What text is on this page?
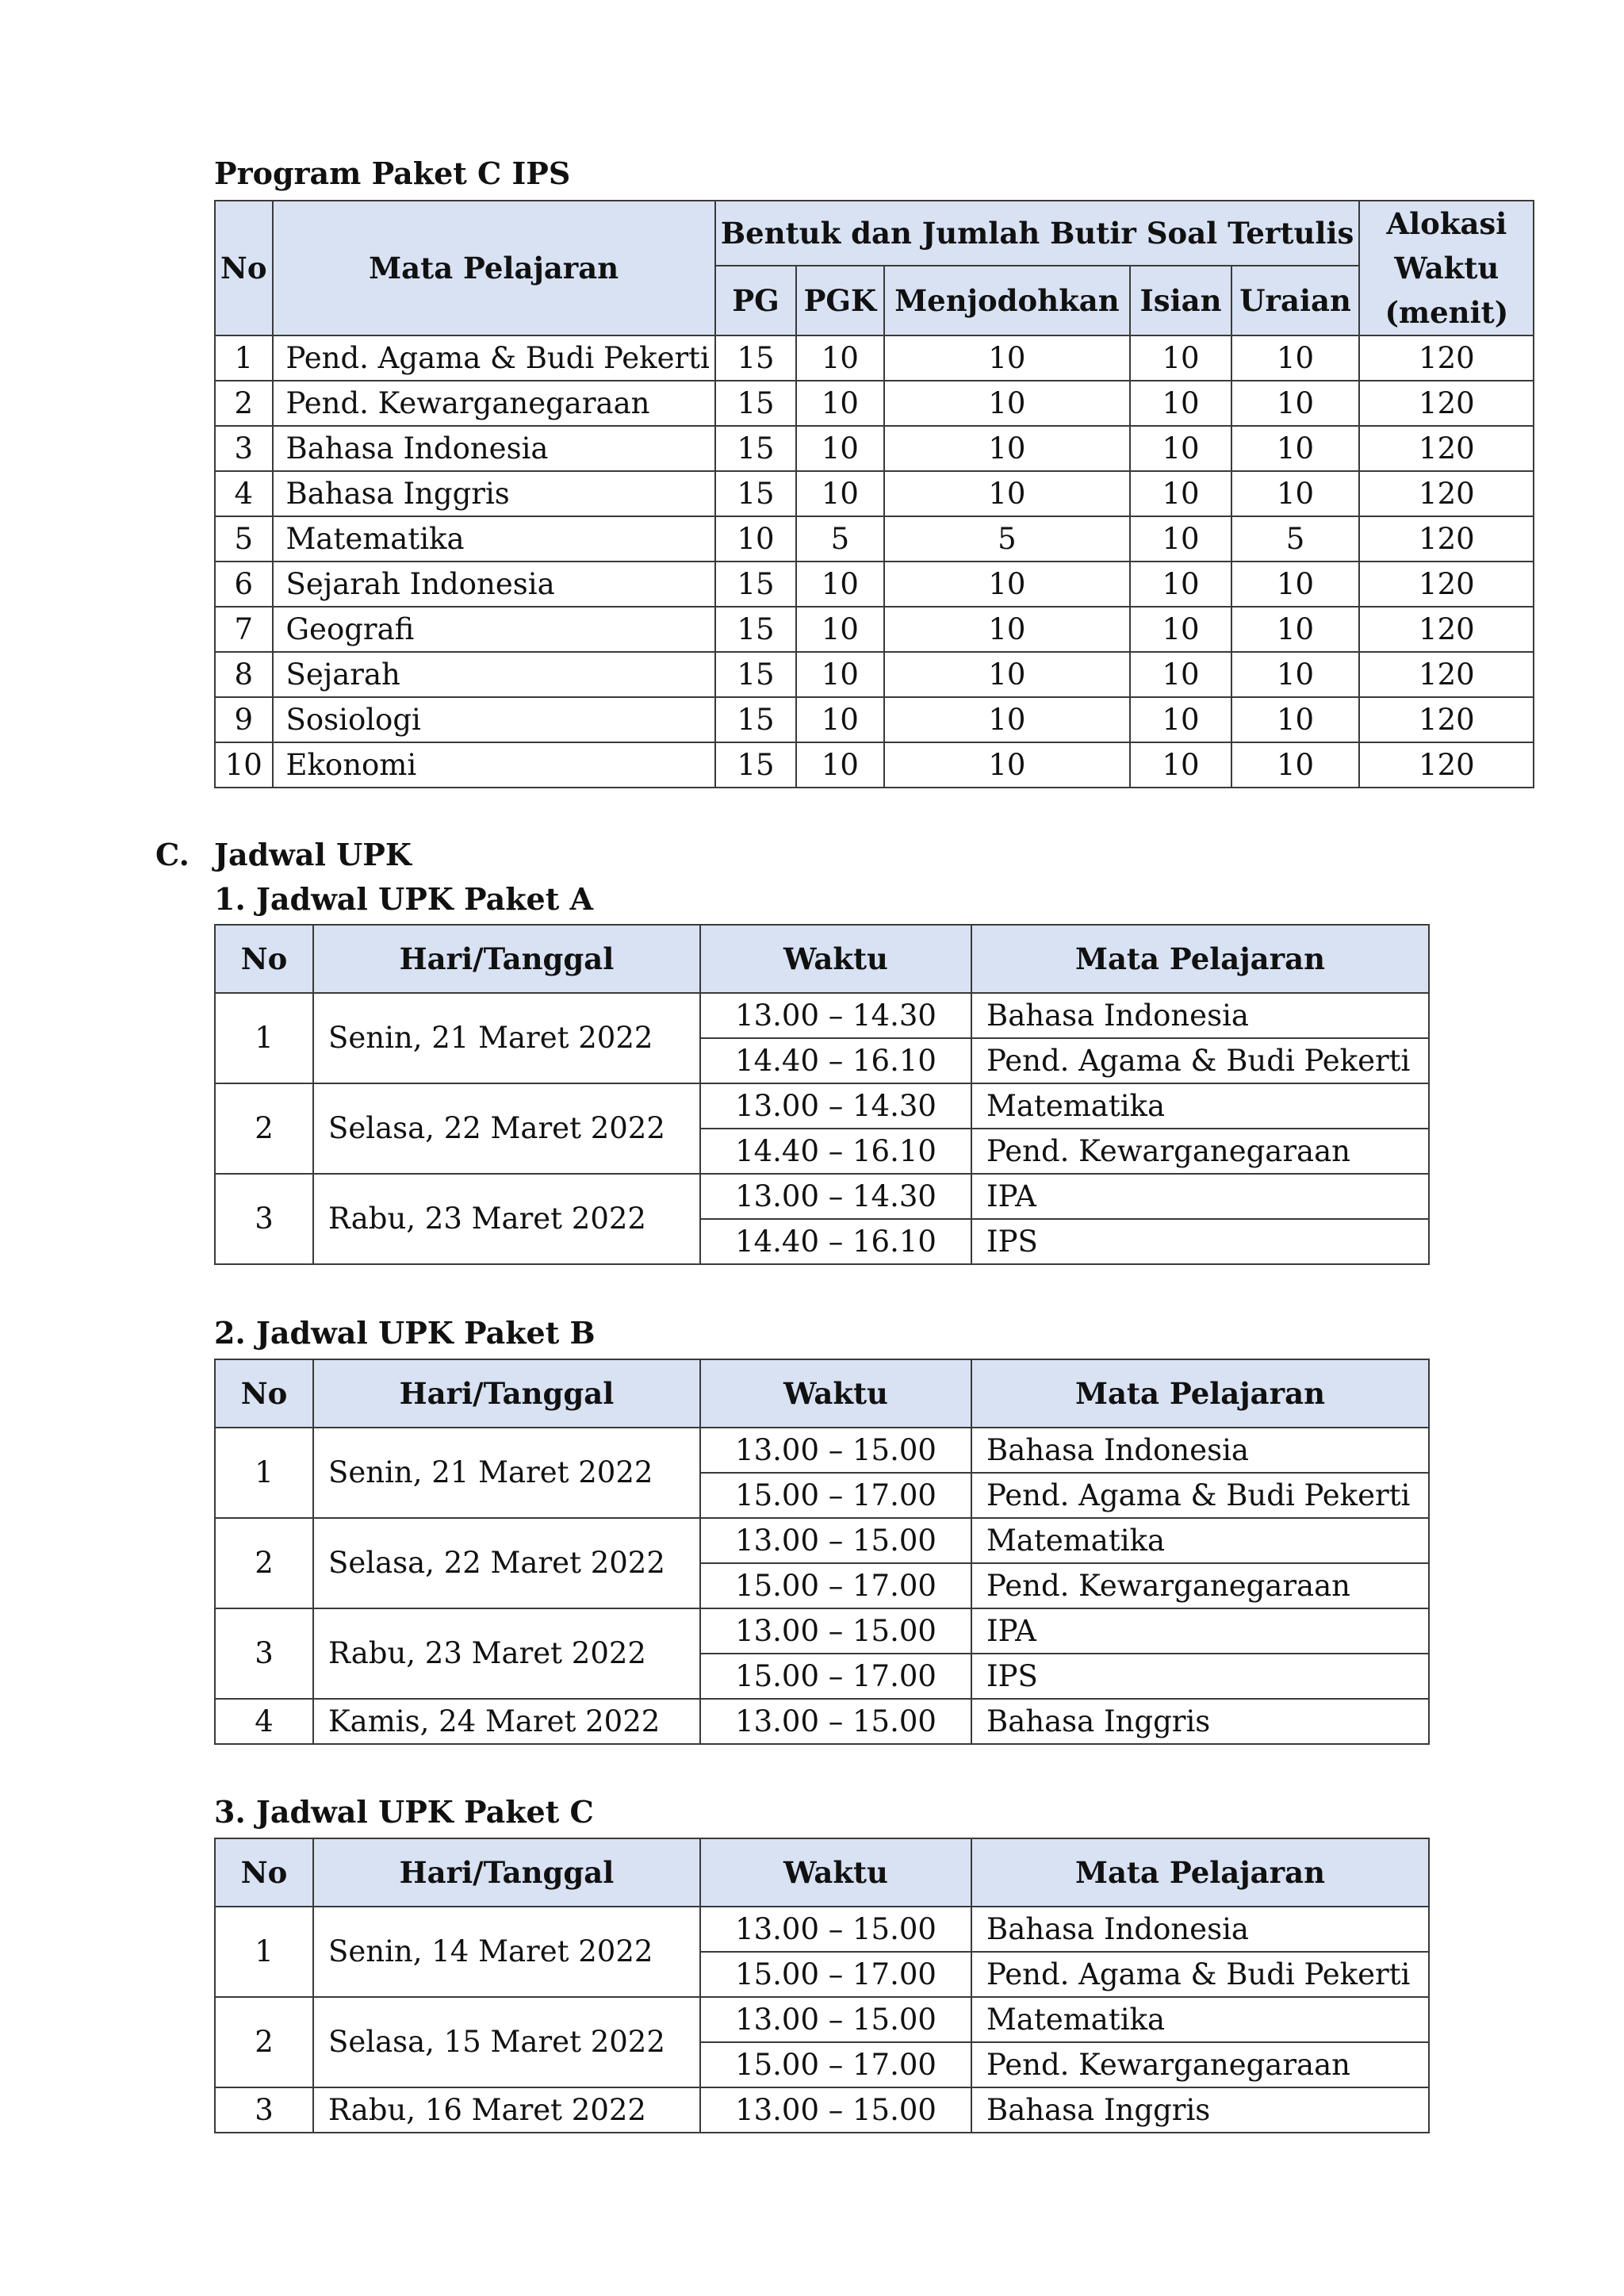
Program Paket C IPS
No	Mata Pelajaran	Bentuk dan Jumlah Butir Soal Tertulis					Alokasi Waktu (menit)
		PG	PGK	Menjodohkan	Isian	Uraian	
1	Pend. Agama & Budi Pekerti	15	10	10	10	10	120
2	Pend. Kewarganegaraan	15	10	10	10	10	120
3	Bahasa Indonesia	15	10	10	10	10	120
4	Bahasa Inggris	15	10	10	10	10	120
5	Matematika	10	5	5	10	5	120
6	Sejarah Indonesia	15	10	10	10	10	120
7	Geografi	15	10	10	10	10	120
8	Sejarah	15	10	10	10	10	120
9	Sosiologi	15	10	10	10	10	120
10	Ekonomi	15	10	10	10	10	120
C. Jadwal UPK
1. Jadwal UPK Paket A
No	Hari/Tanggal	Waktu	Mata Pelajaran
1	Senin, 21 Maret 2022	13.00 – 14.30	Bahasa Indonesia
		14.40 – 16.10	Pend. Agama & Budi Pekerti
2	Selasa, 22 Maret 2022	13.00 – 14.30	Matematika
		14.40 – 16.10	Pend. Kewarganegaraan
3	Rabu, 23 Maret 2022	13.00 – 14.30	IPA
		14.40 – 16.10	IPS
2. Jadwal UPK Paket B
No	Hari/Tanggal	Waktu	Mata Pelajaran
1	Senin, 21 Maret 2022	13.00 – 15.00	Bahasa Indonesia
		15.00 – 17.00	Pend. Agama & Budi Pekerti
2	Selasa, 22 Maret 2022	13.00 – 15.00	Matematika
		15.00 – 17.00	Pend. Kewarganegaraan
3	Rabu, 23 Maret 2022	13.00 – 15.00	IPA
		15.00 – 17.00	IPS
4	Kamis, 24 Maret 2022	13.00 – 15.00	Bahasa Inggris
3. Jadwal UPK Paket C
No	Hari/Tanggal	Waktu	Mata Pelajaran
1	Senin, 14 Maret 2022	13.00 – 15.00	Bahasa Indonesia
		15.00 – 17.00	Pend. Agama & Budi Pekerti
2	Selasa, 15 Maret 2022	13.00 – 15.00	Matematika
		15.00 – 17.00	Pend. Kewarganegaraan
3	Rabu, 16 Maret 2022	13.00 – 15.00	Bahasa Inggris
